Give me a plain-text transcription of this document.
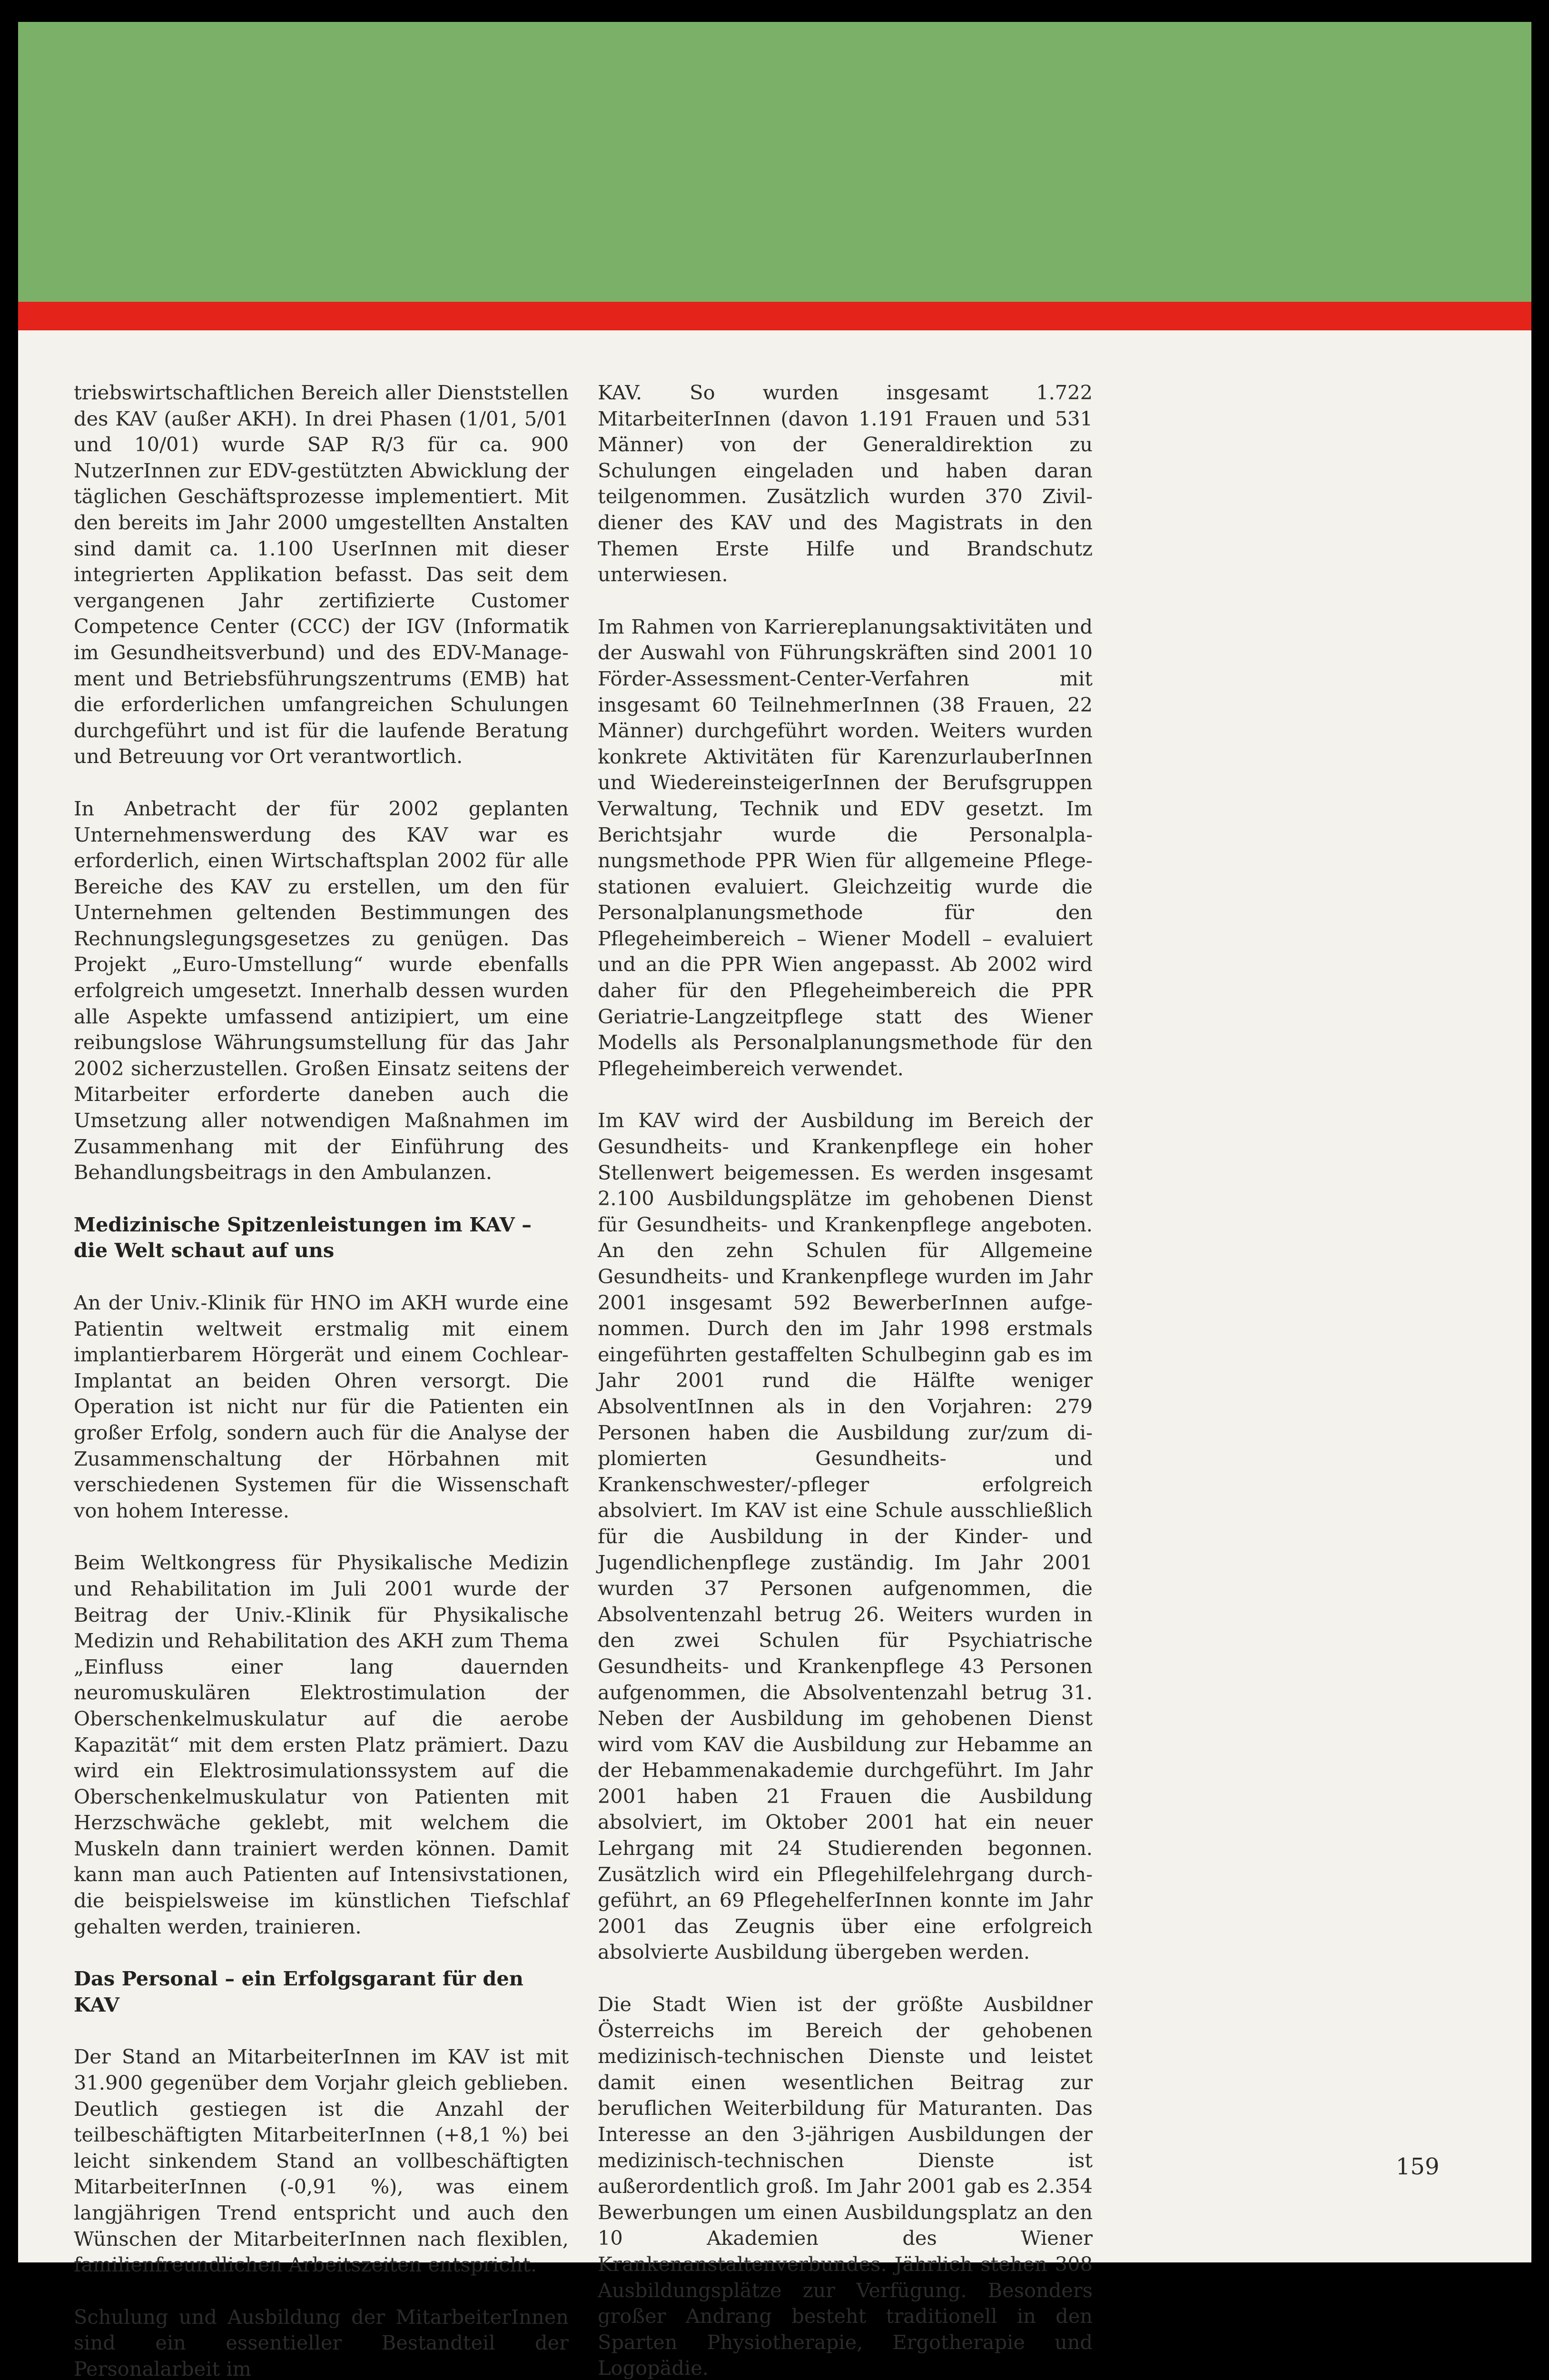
triebswirtschaftlichen Bereich aller Dienststellen des KAV (außer AKH). In drei Phasen (1/01, 5/01 und 10/01) wurde SAP R/3 für ca. 900 NutzerInnen zur EDV-gestützten Abwicklung der täglichen Geschäftsprozesse implementiert. Mit den bereits im Jahr 2000 umgestellten Anstalten sind damit ca. 1.100 UserInnen mit dieser integrierten Applikation befasst. Das seit dem vergangenen Jahr zertifizierte Customer Competence Center (CCC) der IGV (Informatik im Gesundheitsverbund) und des EDV-Management und Betriebsführungszentrums (EMB) hat die erforderlichen umfangreichen Schulungen durchgeführt und ist für die laufende Beratung und Betreuung vor Ort verantwortlich.

In Anbetracht der für 2002 geplanten Unternehmenswerdung des KAV war es erforderlich, einen Wirtschaftsplan 2002 für alle Bereiche des KAV zu erstellen, um den für Unternehmen geltenden Bestimmungen des Rechnungslegungsgesetzes zu genügen. Das Projekt „Euro-Umstellung“ wurde ebenfalls erfolgreich umgesetzt. Innerhalb dessen wurden alle Aspekte umfassend antizipiert, um eine reibungslose Währungsumstellung für das Jahr 2002 sicherzustellen. Großen Einsatz seitens der Mitarbeiter erforderte daneben auch die Umsetzung aller notwendigen Maßnahmen im Zusammenhang mit der Einführung des Behandlungsbeitrags in den Ambulanzen.

Medizinische Spitzenleistungen im KAV – die Welt schaut auf uns

An der Univ.-Klinik für HNO im AKH wurde eine Patientin weltweit erstmalig mit einem implantierbarem Hörgerät und einem Cochlear-Implantat an beiden Ohren versorgt. Die Operation ist nicht nur für die Patienten ein großer Erfolg, sondern auch für die Analyse der Zusammenschaltung der Hörbahnen mit verschiedenen Systemen für die Wissenschaft von hohem Interesse.

Beim Weltkongress für Physikalische Medizin und Rehabilitation im Juli 2001 wurde der Beitrag der Univ.-Klinik für Physikalische Medizin und Rehabilitation des AKH zum Thema „Einfluss einer lang dauernden neuromuskulären Elektrostimulation der Oberschenkelmuskulatur auf die aerobe Kapazität“ mit dem ersten Platz prämiert. Dazu wird ein Elektrosimulationssystem auf die Oberschenkelmuskulatur von Patienten mit Herzschwäche geklebt, mit welchem die Muskeln dann trainiert werden können. Damit kann man auch Patienten auf Intensivstationen, die beispielsweise im künstlichen Tiefschlaf gehalten werden, trainieren.

Das Personal – ein Erfolgsgarant für den KAV

Der Stand an MitarbeiterInnen im KAV ist mit 31.900 gegenüber dem Vorjahr gleich geblieben. Deutlich gestiegen ist die Anzahl der teilbeschäftigten MitarbeiterInnen (+8,1 %) bei leicht sinkendem Stand an vollbeschäftigten MitarbeiterInnen (-0,91 %), was einem langjährigen Trend entspricht und auch den Wünschen der MitarbeiterInnen nach flexiblen, familienfreundlichen Arbeitszeiten entspricht.

Schulung und Ausbildung der MitarbeiterInnen sind ein essentieller Bestandteil der Personalarbeit im

KAV. So wurden insgesamt 1.722 MitarbeiterInnen (davon 1.191 Frauen und 531 Männer) von der Generaldirektion zu Schulungen eingeladen und haben daran teilgenommen. Zusätzlich wurden 370 Zivildiener des KAV und des Magistrats in den Themen Erste Hilfe und Brandschutz unterwiesen.

Im Rahmen von Karriereplanungsaktivitäten und der Auswahl von Führungskräften sind 2001 10 Förder-Assessment-Center-Verfahren mit insgesamt 60 TeilnehmerInnen (38 Frauen, 22 Männer) durchgeführt worden. Weiters wurden konkrete Aktivitäten für KarenzurlauberInnen und WiedereinsteigerInnen der Berufsgruppen Verwaltung, Technik und EDV gesetzt. Im Berichtsjahr wurde die Personalplanungsmethode PPR Wien für allgemeine Pflegestationen evaluiert. Gleichzeitig wurde die Personalplanungsmethode für den Pflegeheimbereich – Wiener Modell – evaluiert und an die PPR Wien angepasst. Ab 2002 wird daher für den Pflegeheimbereich die PPR Geriatrie-Langzeitpflege statt des Wiener Modells als Personalplanungsmethode für den Pflegeheimbereich verwendet.

Im KAV wird der Ausbildung im Bereich der Gesundheits- und Krankenpflege ein hoher Stellenwert beigemessen. Es werden insgesamt 2.100 Ausbildungsplätze im gehobenen Dienst für Gesundheits- und Krankenpflege angeboten. An den zehn Schulen für Allgemeine Gesundheits- und Krankenpflege wurden im Jahr 2001 insgesamt 592 BewerberInnen aufgenommen. Durch den im Jahr 1998 erstmals eingeführten gestaffelten Schulbeginn gab es im Jahr 2001 rund die Hälfte weniger AbsolventInnen als in den Vorjahren: 279 Personen haben die Ausbildung zur/zum diplomierten Gesundheits- und Krankenschwester/-pfleger erfolgreich absolviert. Im KAV ist eine Schule ausschließlich für die Ausbildung in der Kinder- und Jugendlichenpflege zuständig. Im Jahr 2001 wurden 37 Personen aufgenommen, die Absolventenzahl betrug 26. Weiters wurden in den zwei Schulen für Psychiatrische Gesundheits- und Krankenpflege 43 Personen aufgenommen, die Absolventenzahl betrug 31. Neben der Ausbildung im gehobenen Dienst wird vom KAV die Ausbildung zur Hebamme an der Hebammenakademie durchgeführt. Im Jahr 2001 haben 21 Frauen die Ausbildung absolviert, im Oktober 2001 hat ein neuer Lehrgang mit 24 Studierenden begonnen. Zusätzlich wird ein Pflegehilfelehrgang durchgeführt, an 69 PflegehelferInnen konnte im Jahr 2001 das Zeugnis über eine erfolgreich absolvierte Ausbildung übergeben werden.

Die Stadt Wien ist der größte Ausbildner Österreichs im Bereich der gehobenen medizinisch-technischen Dienste und leistet damit einen wesentlichen Beitrag zur beruflichen Weiterbildung für Maturanten. Das Interesse an den 3-jährigen Ausbildungen der medizinisch-technischen Dienste ist außerordentlich groß. Im Jahr 2001 gab es 2.354 Bewerbungen um einen Ausbildungsplatz an den 10 Akademien des Wiener Krankenanstaltenverbundes. Jährlich stehen 308 Ausbildungsplätze zur Verfügung. Besonders großer Andrang besteht traditionell in den Sparten Physiotherapie, Ergotherapie und Logopädie.

159
